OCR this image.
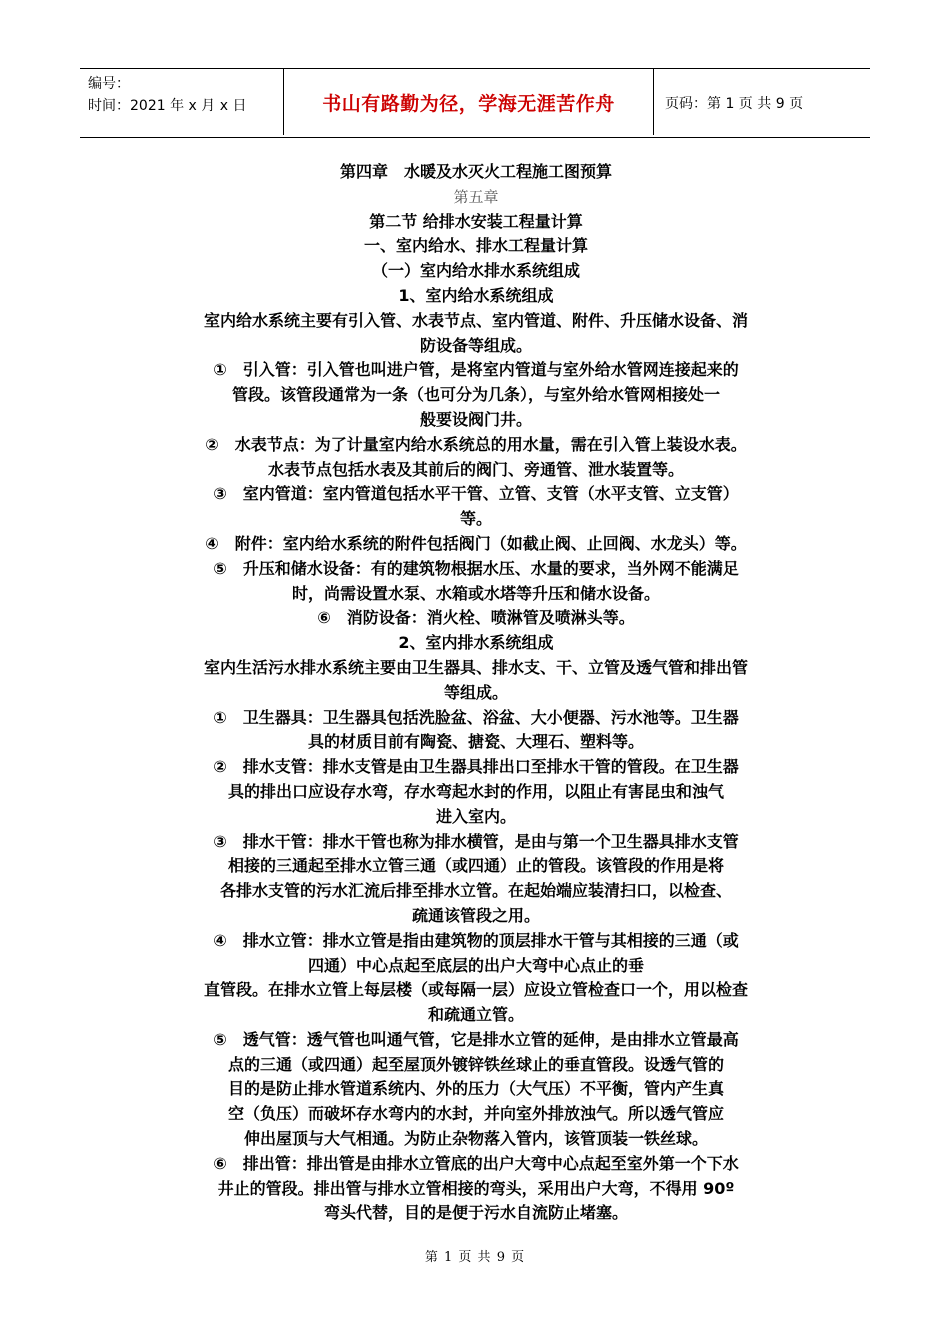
编号：
时间：2021 年 x 月 x 日	书山有路勤为径，学海无涯苦作舟	页码：第 1 页 共 9 页

第四章　水暖及水灭火工程施工图预算

第五章

第二节 给排水安装工程量计算

一、室内给水、排水工程量计算

（一）室内给水排水系统组成

1、室内给水系统组成

室内给水系统主要有引入管、水表节点、室内管道、附件、升压储水设备、消

防设备等组成。

①　引入管：引入管也叫进户管，是将室内管道与室外给水管网连接起来的

管段。该管段通常为一条（也可分为几条），与室外给水管网相接处一

般要设阀门井。

②　水表节点：为了计量室内给水系统总的用水量，需在引入管上装设水表。

水表节点包括水表及其前后的阀门、旁通管、泄水装置等。

③　室内管道：室内管道包括水平干管、立管、支管（水平支管、立支管）

等。

④　附件：室内给水系统的附件包括阀门（如截止阀、止回阀、水龙头）等。

⑤　升压和储水设备：有的建筑物根据水压、水量的要求，当外网不能满足

时，尚需设置水泵、水箱或水塔等升压和储水设备。

⑥　消防设备：消火栓、喷淋管及喷淋头等。

2、室内排水系统组成

室内生活污水排水系统主要由卫生器具、排水支、干、立管及透气管和排出管

等组成。

①　卫生器具：卫生器具包括洗脸盆、浴盆、大小便器、污水池等。卫生器

具的材质目前有陶瓷、搪瓷、大理石、塑料等。

②　排水支管：排水支管是由卫生器具排出口至排水干管的管段。在卫生器

具的排出口应设存水弯，存水弯起水封的作用，以阻止有害昆虫和浊气

进入室内。

③　排水干管：排水干管也称为排水横管，是由与第一个卫生器具排水支管

相接的三通起至排水立管三通（或四通）止的管段。该管段的作用是将

各排水支管的污水汇流后排至排水立管。在起始端应装清扫口，以检查、

疏通该管段之用。

④　排水立管：排水立管是指由建筑物的顶层排水干管与其相接的三通（或

四通）中心点起至底层的出户大弯中心点止的垂

直管段。在排水立管上每层楼（或每隔一层）应设立管检查口一个，用以检查

和疏通立管。

⑤　透气管：透气管也叫通气管，它是排水立管的延伸，是由排水立管最高

点的三通（或四通）起至屋顶外镀锌铁丝球止的垂直管段。设透气管的

目的是防止排水管道系统内、外的压力（大气压）不平衡，管内产生真

空（负压）而破坏存水弯内的水封，并向室外排放浊气。所以透气管应

伸出屋顶与大气相通。为防止杂物落入管内，该管顶装一铁丝球。

⑥　排出管：排出管是由排水立管底的出户大弯中心点起至室外第一个下水

井止的管段。排出管与排水立管相接的弯头，采用出户大弯，不得用 90º

弯头代替，目的是便于污水自流防止堵塞。

第 1 页 共 9 页
